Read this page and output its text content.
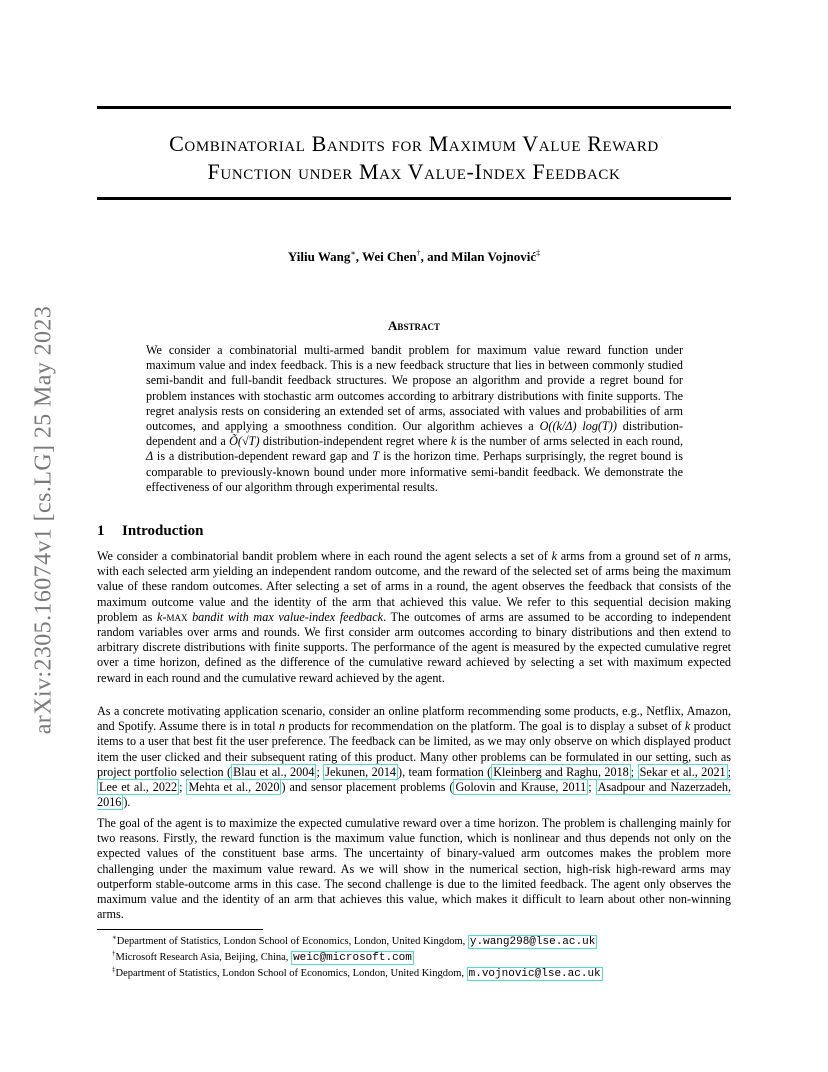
arXiv:2305.16074v1 [cs.LG] 25 May 2023
Combinatorial Bandits for Maximum Value Reward
Function under Max Value-Index Feedback
Yiliu Wang∗, Wei Chen†, and Milan Vojnović‡
Abstract
We consider a combinatorial multi-armed bandit problem for maximum value reward function under maximum value and index feedback. This is a new feedback structure that lies in between commonly studied semi-bandit and full-bandit feedback structures. We propose an algorithm and provide a regret bound for problem instances with stochastic arm outcomes according to arbitrary distributions with finite supports. The regret analysis rests on considering an extended set of arms, associated with values and probabilities of arm outcomes, and applying a smoothness condition. Our algorithm achieves a O((k/Δ) log(T)) distribution-dependent and a Õ(√T) distribution-independent regret where k is the number of arms selected in each round, Δ is a distribution-dependent reward gap and T is the horizon time. Perhaps surprisingly, the regret bound is comparable to previously-known bound under more informative semi-bandit feedback. We demonstrate the effectiveness of our algorithm through experimental results.
1 Introduction
We consider a combinatorial bandit problem where in each round the agent selects a set of k arms from a ground set of n arms, with each selected arm yielding an independent random outcome, and the reward of the selected set of arms being the maximum value of these random outcomes. After selecting a set of arms in a round, the agent observes the feedback that consists of the maximum outcome value and the identity of the arm that achieved this value. We refer to this sequential decision making problem as k-max bandit with max value-index feedback. The outcomes of arms are assumed to be according to independent random variables over arms and rounds. We first consider arm outcomes according to binary distributions and then extend to arbitrary discrete distributions with finite supports. The performance of the agent is measured by the expected cumulative regret over a time horizon, defined as the difference of the cumulative reward achieved by selecting a set with maximum expected reward in each round and the cumulative reward achieved by the agent.
As a concrete motivating application scenario, consider an online platform recommending some products, e.g., Netflix, Amazon, and Spotify. Assume there is in total n products for recommendation on the platform. The goal is to display a subset of k product items to a user that best fit the user preference. The feedback can be limited, as we may only observe on which displayed product item the user clicked and their subsequent rating of this product. Many other problems can be formulated in our setting, such as project portfolio selection ( Blau et al., 2004 ; Jekunen, 2014 ), team formation ( Kleinberg and Raghu, 2018 ; Sekar et al., 2021 ; Lee et al., 2022 ; Mehta et al., 2020 ) and sensor placement problems ( Golovin and Krause, 2011 ; Asadpour and Nazerzadeh, 2016 ).
The goal of the agent is to maximize the expected cumulative reward over a time horizon. The problem is challenging mainly for two reasons. Firstly, the reward function is the maximum value function, which is nonlinear and thus depends not only on the expected values of the constituent base arms. The uncertainty of binary-valued arm outcomes makes the problem more challenging under the maximum value reward. As we will show in the numerical section, high-risk high-reward arms may outperform stable-outcome arms in this case. The second challenge is due to the limited feedback. The agent only observes the maximum value and the identity of an arm that achieves this value, which makes it difficult to learn about other non-winning arms.
∗Department of Statistics, London School of Economics, London, United Kingdom, y.wang298@lse.ac.uk
†Microsoft Research Asia, Beijing, China, weic@microsoft.com
‡Department of Statistics, London School of Economics, London, United Kingdom, m.vojnovic@lse.ac.uk
